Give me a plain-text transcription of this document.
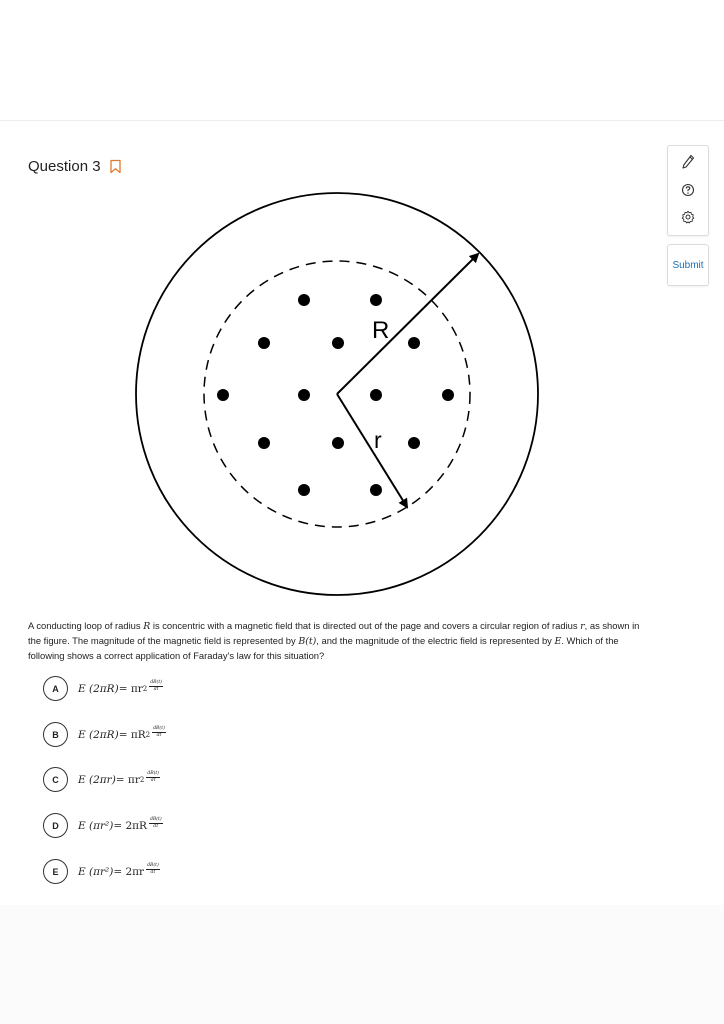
Question 3
Submit
R
r
A conducting loop of radius R is concentric with a magnetic field that is directed out of the page and covers a circular region of radius r, as shown in the figure. The magnitude of the magnetic field is represented by B(t), and the magnitude of the electric field is represented by E. Which of the following shows a correct application of Faraday's law for this situation?
A	E (2πR) = πr $2 \frac{dB(t)}{dt}$
B	E (2πR) = πR $2 \frac{dB(t)}{dt}$
C	E (2πr) = πr $2 \frac{dB(t)}{dt}$
D	E $(\pi r^2) = 2\pi R \frac{dB(t)}{dt}$
E	E $(\pi r^2) = 2\pi r \frac{dB(t)}{dt}$
